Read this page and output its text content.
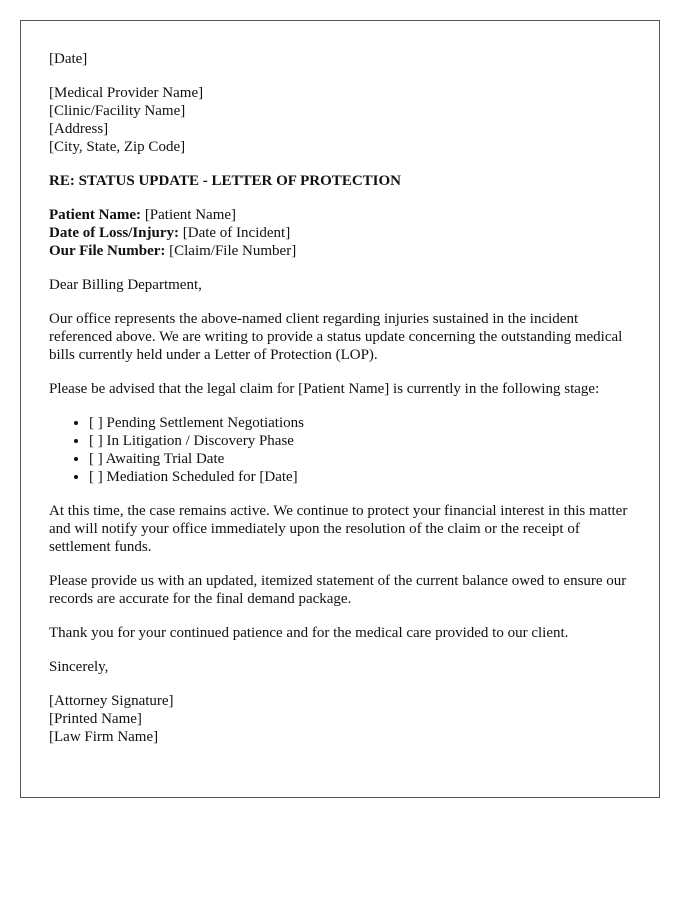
[Date]
[Medical Provider Name]
[Clinic/Facility Name]
[Address]
[City, State, Zip Code]
RE: STATUS UPDATE - LETTER OF PROTECTION
Patient Name: [Patient Name]
Date of Loss/Injury: [Date of Incident]
Our File Number: [Claim/File Number]

Dear Billing Department,

Our office represents the above-named client regarding injuries sustained in the incident referenced above. We are writing to provide a status update concerning the outstanding medical bills currently held under a Letter of Protection (LOP).

Please be advised that the legal claim for [Patient Name] is currently in the following stage:

• [ ] Pending Settlement Negotiations
• [ ] In Litigation / Discovery Phase
• [ ] Awaiting Trial Date
• [ ] Mediation Scheduled for [Date]

At this time, the case remains active. We continue to protect your financial interest in this matter and will notify your office immediately upon the resolution of the claim or the receipt of settlement funds.

Please provide us with an updated, itemized statement of the current balance owed to ensure our records are accurate for the final demand package.

Thank you for your continued patience and for the medical care provided to our client.

Sincerely,

[Attorney Signature]
[Printed Name]
[Law Firm Name]
